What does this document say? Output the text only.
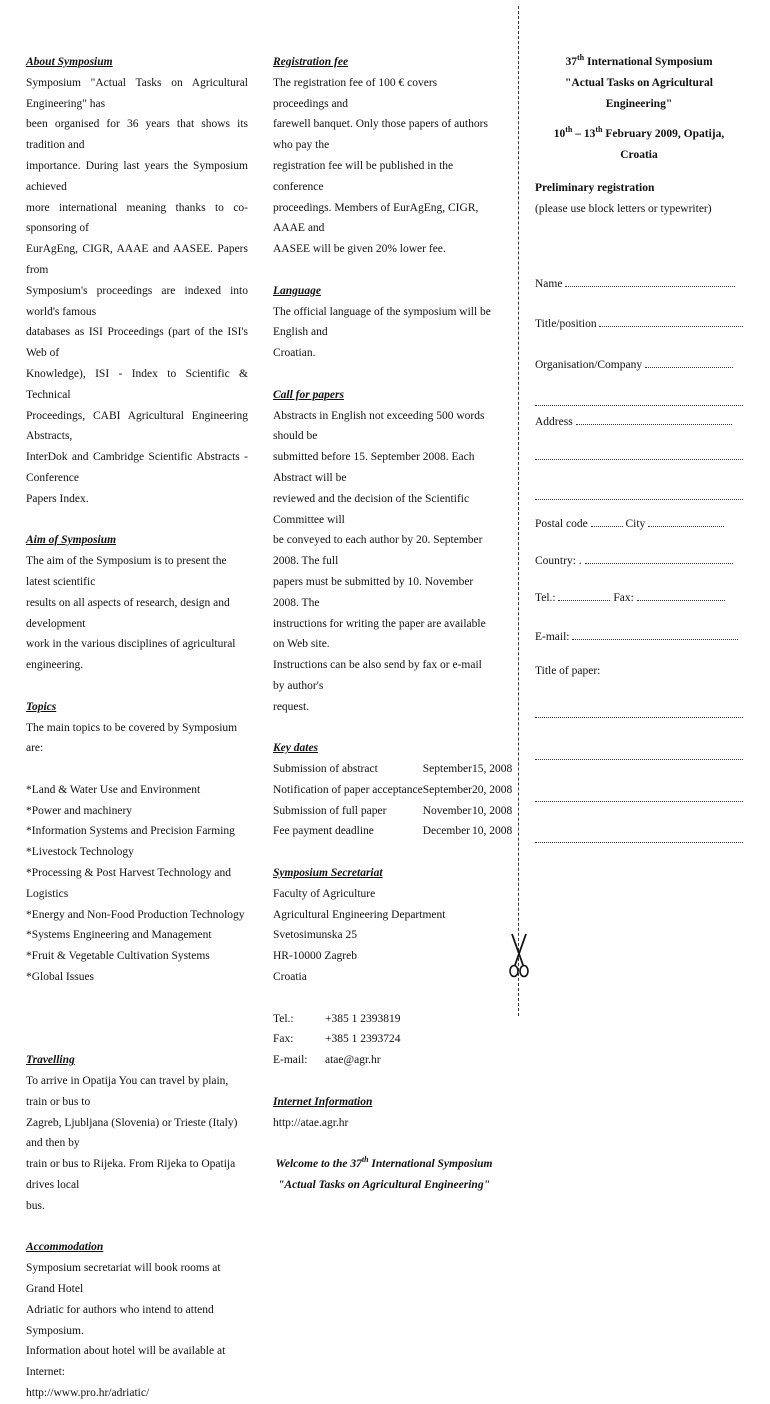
About Symposium
Symposium "Actual Tasks on Agricultural Engineering" has
been organised for 36 years that shows its tradition and
importance. During last years the Symposium achieved
more international meaning thanks to co-sponsoring of
EurAgEng, CIGR, AAAE and AASEE. Papers from
Symposium's proceedings are indexed into world's famous
databases as ISI Proceedings (part of the ISI's Web of
Knowledge), ISI - Index to Scientific & Technical
Proceedings, CABI Agricultural Engineering Abstracts,
InterDok and Cambridge Scientific Abstracts - Conference
Papers Index.
Aim of Symposium
The aim of the Symposium is to present the latest scientific
results on all aspects of research, design and development
work in the various disciplines of agricultural engineering.
Topics
The main topics to be covered by Symposium are:
*Land & Water Use and Environment
*Power and machinery
*Information Systems and Precision Farming
*Livestock Technology
*Processing & Post Harvest Technology and Logistics
*Energy and Non-Food Production Technology
*Systems Engineering and Management
*Fruit & Vegetable Cultivation Systems
*Global Issues
Travelling
To arrive in Opatija You can travel by plain, train or bus to
Zagreb, Ljubljana (Slovenia) or Trieste (Italy) and then by
train or bus to Rijeka. From Rijeka to Opatija drives local
bus.
Accommodation
Symposium secretariat will book rooms at Grand Hotel
Adriatic for authors who intend to attend Symposium.
Information about hotel will be available at Internet:
http://www.pro.hr/adriatic/
Registration fee
The registration fee of 100 € covers proceedings and
farewell banquet. Only those papers of authors who pay the
registration fee will be published in the conference
proceedings. Members of EurAgEng, CIGR, AAAE and
AASEE will be given 20% lower fee.
Language
The official language of the symposium will be English and
Croatian.
Call for papers
Abstracts in English not exceeding 500 words should be
submitted before 15. September 2008. Each Abstract will be
reviewed and the decision of the Scientific Committee will
be conveyed to each author by 20. September 2008. The full
papers must be submitted by 10. November 2008. The
instructions for writing the paper are available on Web site.
Instructions can be also send by fax or e-mail by author's
request.
Key dates
Submission of abstract	September	15, 2008
Notification of paper acceptance	September	20, 2008
Submission of full paper	November	10, 2008
Fee payment deadline	December	10, 2008
Symposium Secretariat
Faculty of Agriculture
Agricultural Engineering Department
Svetosimunska 25
HR-10000 Zagreb
Croatia
Tel.:	+385 1 2393819
Fax:	+385 1 2393724
E-mail:	atae@agr.hr
Internet Information
http://atae.agr.hr
Welcome to the 37th International Symposium
"Actual Tasks on Agricultural Engineering"
37th International Symposium
"Actual Tasks on Agricultural Engineering"
10th – 13th February 2009, Opatija, Croatia
Preliminary registration
(please use block letters or typewriter)
Name
Title/position
Organisation/Company
Address
Postal code	City
Country: .
Tel.:	Fax:
E-mail:
Title of paper:
